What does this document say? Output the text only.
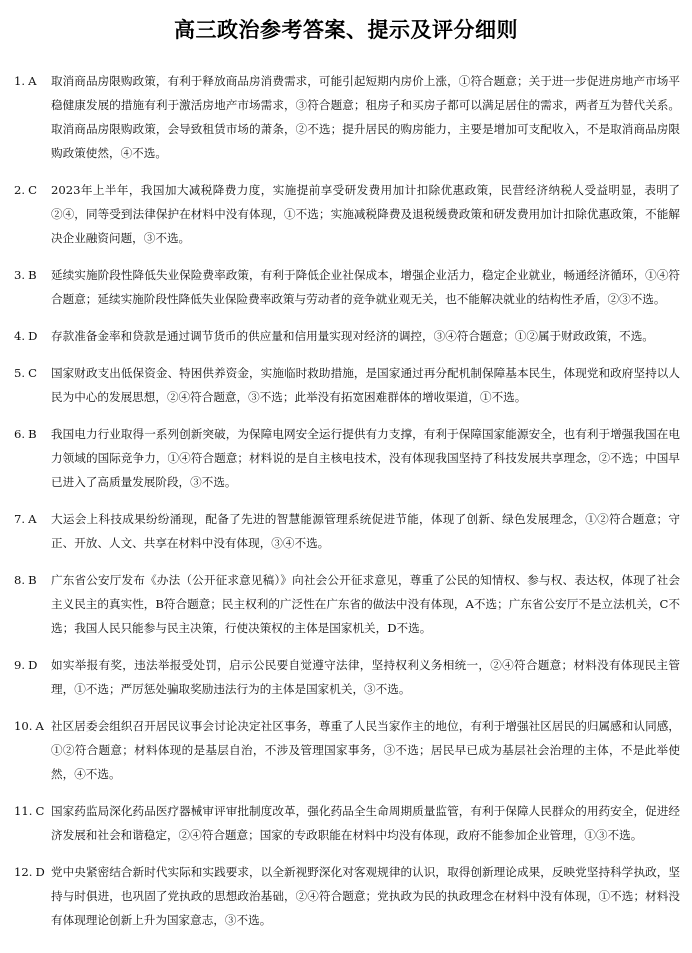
高三政治参考答案、提示及评分细则
1. A 取消商品房限购政策，有利于释放商品房消费需求，可能引起短期内房价上涨，①符合题意；关于进一步促进房地产市场平稳健康发展的措施有利于激活房地产市场需求，③符合题意；租房子和买房子都可以满足居住的需求，两者互为替代关系。取消商品房限购政策，会导致租赁市场的萧条，②不选；提升居民的购房能力，主要是增加可支配收入，不是取消商品房限购政策使然，④不选。
2. C 2023年上半年，我国加大减税降费力度，实施提前享受研发费用加计扣除优惠政策，民营经济纳税人受益明显，表明了②④，同等受到法律保护在材料中没有体现，①不选；实施减税降费及退税缓费政策和研发费用加计扣除优惠政策，不能解决企业融资问题，③不选。
3. B 延续实施阶段性降低失业保险费率政策，有利于降低企业社保成本，增强企业活力，稳定企业就业，畅通经济循环，①④符合题意；延续实施阶段性降低失业保险费率政策与劳动者的竞争就业观无关，也不能解决就业的结构性矛盾，②③不选。
4. D 存款准备金率和贷款是通过调节货币的供应量和信用量实现对经济的调控，③④符合题意；①②属于财政政策，不选。
5. C 国家财政支出低保资金、特困供养资金，实施临时救助措施，是国家通过再分配机制保障基本民生，体现党和政府坚持以人民为中心的发展思想，②④符合题意，③不选；此举没有拓宽困难群体的增收渠道，①不选。
6. B 我国电力行业取得一系列创新突破，为保障电网安全运行提供有力支撑，有利于保障国家能源安全，也有利于增强我国在电力领域的国际竞争力，①④符合题意；材料说的是自主核电技术，没有体现我国坚持了科技发展共享理念，②不选；中国早已进入了高质量发展阶段，③不选。
7. A 大运会上科技成果纷纷涌现，配备了先进的智慧能源管理系统促进节能，体现了创新、绿色发展理念，①②符合题意；守正、开放、人文、共享在材料中没有体现，③④不选。
8. B 广东省公安厅发布《办法（公开征求意见稿）》向社会公开征求意见，尊重了公民的知情权、参与权、表达权，体现了社会主义民主的真实性，B符合题意；民主权利的广泛性在广东省的做法中没有体现，A不选；广东省公安厅不是立法机关，C不选；我国人民只能参与民主决策，行使决策权的主体是国家机关，D不选。
9. D 如实举报有奖，违法举报受处罚，启示公民要自觉遵守法律，坚持权利义务相统一，②④符合题意；材料没有体现民主管理，①不选；严厉惩处骗取奖励违法行为的主体是国家机关，③不选。
10. A 社区居委会组织召开居民议事会讨论决定社区事务，尊重了人民当家作主的地位，有利于增强社区居民的归属感和认同感，①②符合题意；材料体现的是基层自治，不涉及管理国家事务，③不选；居民早已成为基层社会治理的主体，不是此举使然，④不选。
11. C 国家药监局深化药品医疗器械审评审批制度改革，强化药品全生命周期质量监管，有利于保障人民群众的用药安全，促进经济发展和社会和谐稳定，②④符合题意；国家的专政职能在材料中均没有体现，政府不能参加企业管理，①③不选。
12. D 党中央紧密结合新时代实际和实践要求，以全新视野深化对客观规律的认识，取得创新理论成果，反映党坚持科学执政，坚持与时俱进，也巩固了党执政的思想政治基础，②④符合题意；党执政为民的执政理念在材料中没有体现，①不选；材料没有体现理论创新上升为国家意志，③不选。
